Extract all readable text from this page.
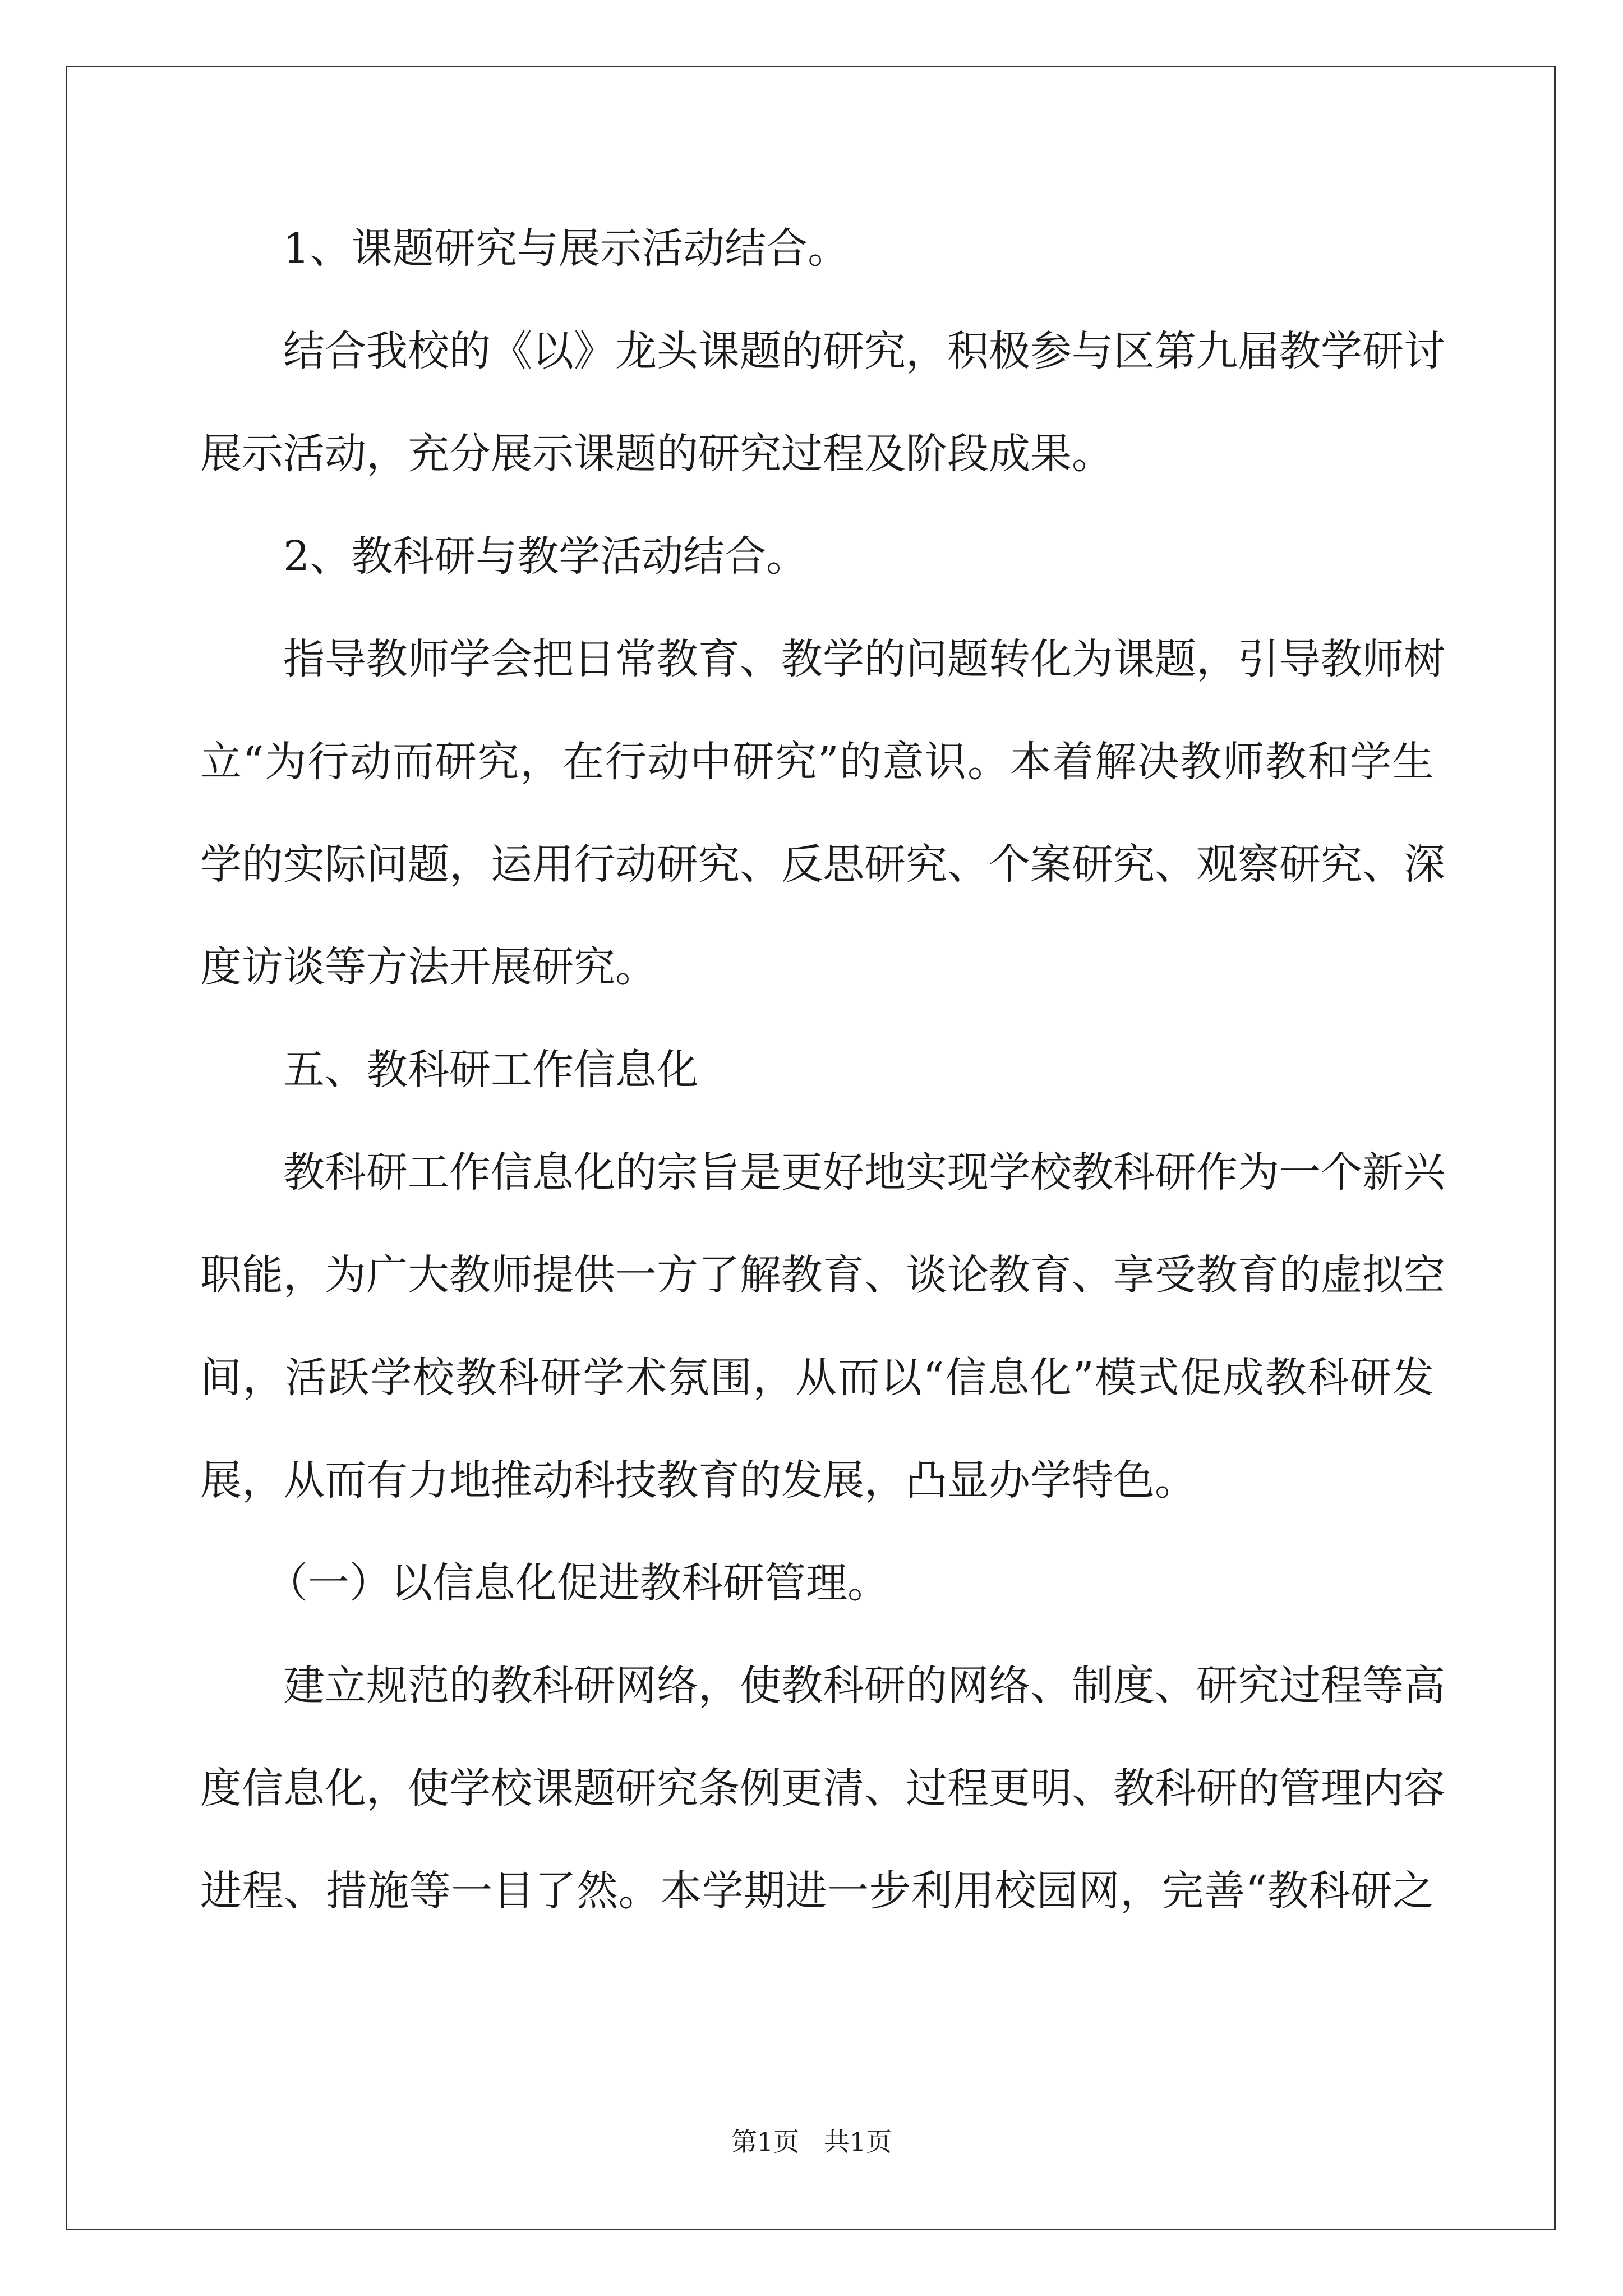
1、课题研究与展示活动结合。
结合我校的《以》龙头课题的研究，积极参与区第九届教学研讨
展示活动，充分展示课题的研究过程及阶段成果。
2、教科研与教学活动结合。
指导教师学会把日常教育、教学的问题转化为课题，引导教师树
立“为行动而研究，在行动中研究”的意识。本着解决教师教和学生
学的实际问题，运用行动研究、反思研究、个案研究、观察研究、深
度访谈等方法开展研究。
五、教科研工作信息化
教科研工作信息化的宗旨是更好地实现学校教科研作为一个新兴
职能，为广大教师提供一方了解教育、谈论教育、享受教育的虚拟空
间，活跃学校教科研学术氛围，从而以“信息化”模式促成教科研发
展，从而有力地推动科技教育的发展，凸显办学特色。
（一）以信息化促进教科研管理。
建立规范的教科研网络，使教科研的网络、制度、研究过程等高
度信息化，使学校课题研究条例更清、过程更明、教科研的管理内容
进程、措施等一目了然。本学期进一步利用校园网，完善“教科研之
第1页   共1页
